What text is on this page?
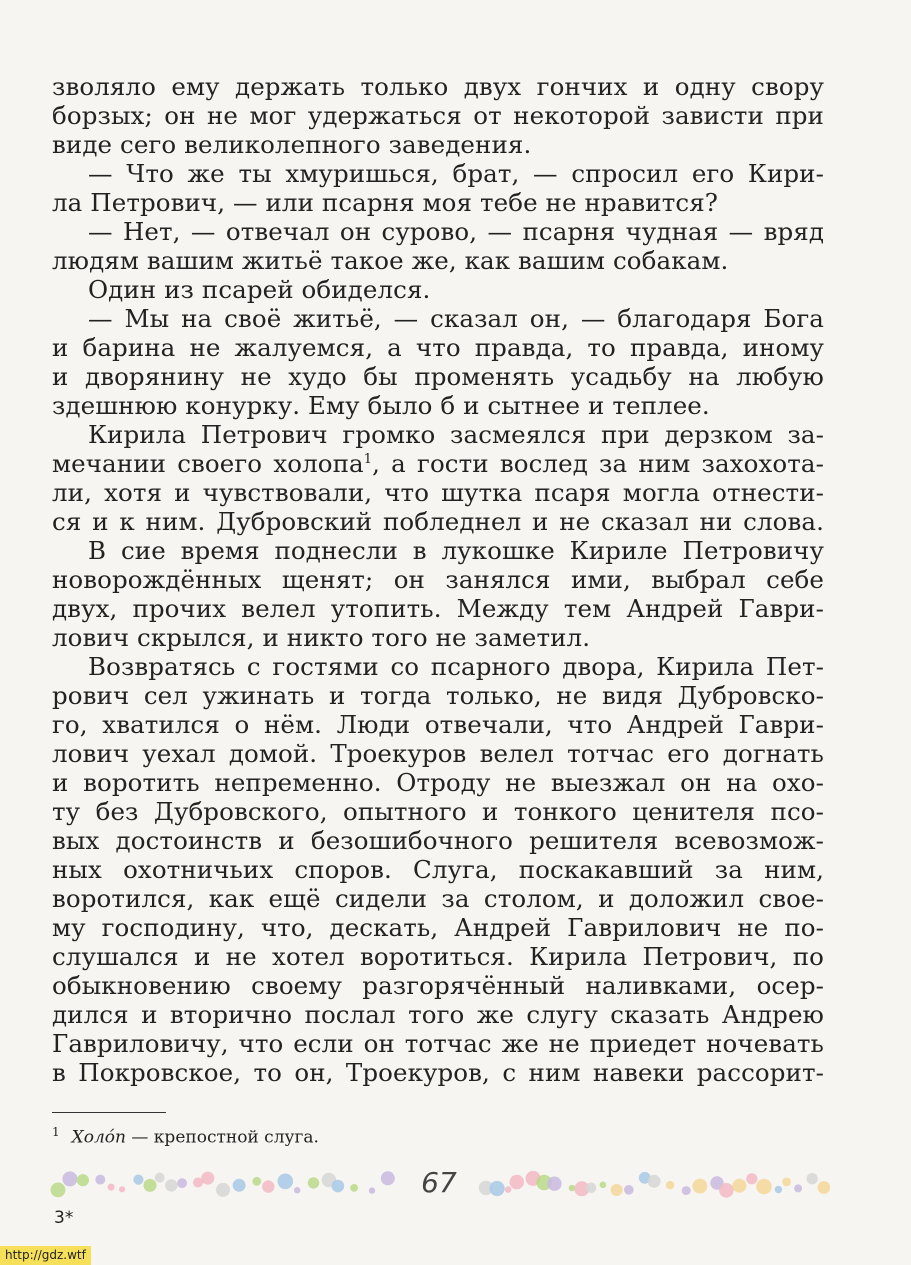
зволяло ему держать только двух гончих и одну свору
борзых; он не мог удержаться от некоторой зависти при
виде сего великолепного заведения.
— Что же ты хмуришься, брат, — спросил его Кири-
ла Петрович, — или псарня моя тебе не нравится?
— Нет, — отвечал он сурово, — псарня чудная — вряд
людям вашим житьё такое же, как вашим собакам.
Один из псарей обиделся.
— Мы на своё житьё, — сказал он, — благодаря Бога
и барина не жалуемся, а что правда, то правда, иному
и дворянину не худо бы променять усадьбу на любую
здешнюю конурку. Ему было б и сытнее и теплее.
Кирила Петрович громко засмеялся при дерзком за-
мечании своего холопа$^1$, а гости вослед за ним захохота-
ли, хотя и чувствовали, что шутка псаря могла отнести-
ся и к ним. Дубровский побледнел и не сказал ни слова.
В сие время поднесли в лукошке Кириле Петровичу
новорождённых щенят; он занялся ими, выбрал себе
двух, прочих велел утопить. Между тем Андрей Гаври-
лович скрылся, и никто того не заметил.
Возвратясь с гостями со псарного двора, Кирила Пет-
рович сел ужинать и тогда только, не видя Дубровско-
го, хватился о нём. Люди отвечали, что Андрей Гаври-
лович уехал домой. Троекуров велел тотчас его догнать
и воротить непременно. Отроду не выезжал он на охо-
ту без Дубровского, опытного и тонкого ценителя псо-
вых достоинств и безошибочного решителя всевозмож-
ных охотничьих споров. Слуга, поскакавший за ним,
воротился, как ещё сидели за столом, и доложил свое-
му господину, что, дескать, Андрей Гаврилович не по-
слушался и не хотел воротиться. Кирила Петрович, по
обыкновению своему разгорячённый наливками, осер-
дился и вторично послал того же слугу сказать Андрею
Гавриловичу, что если он тотчас же не приедет ночевать
в Покровское, то он, Троекуров, с ним навеки рассорит-
$^1$ Холóп — крепостной слуга.
67
3*
http://gdz.wtf
